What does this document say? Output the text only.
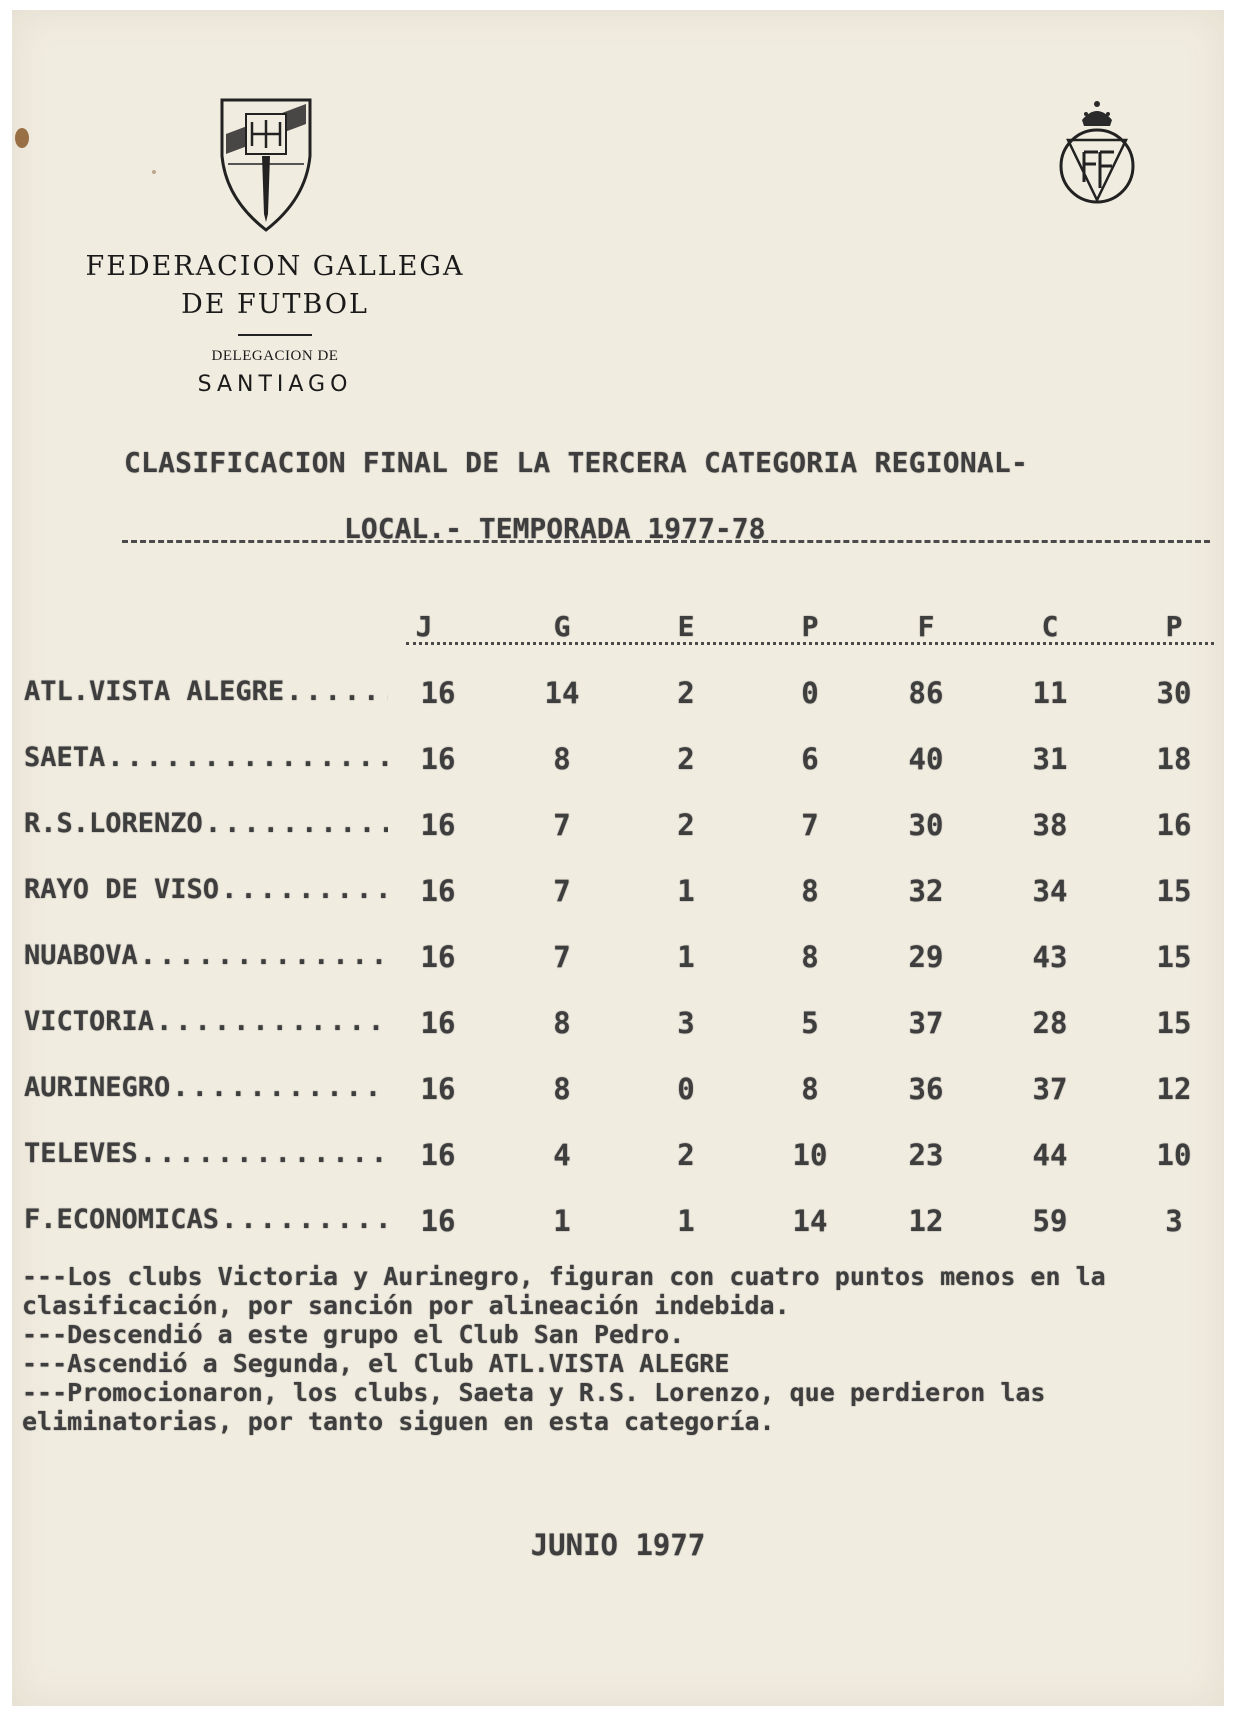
FEDERACION GALLEGA
DE FUTBOL
DELEGACION DE
SANTIAGO
CLASIFICACION FINAL DE LA TERCERA CATEGORIA REGIONAL-
LOCAL.- TEMPORADA 1977-78
J	G	E	P	F	C	P
ATL.VISTA ALEGRE .....	16	14	2	0	86	11	30
SAETA .....	16	8	2	6	40	31	18
R.S.LORENZO .....	16	7	2	7	30	38	16
RAYO DE VISO .....	16	7	1	8	32	34	15
NUABOVA .....	16	7	1	8	29	43	15
VICTORIA .....	16	8	3	5	37	28	15
AURINEGRO .....	16	8	0	8	36	37	12
TELEVES .....	16	4	2	10	23	44	10
F.ECONOMICAS .....	16	1	1	14	12	59	3

---Los clubs Victoria y Aurinegro, figuran con cuatro puntos menos en la clasificación, por sanción por alineación indebida.

---Descendió a este grupo el Club San Pedro.

---Ascendió a Segunda, el Club ATL.VISTA ALEGRE

---Promocionaron, los clubs, Saeta y R.S. Lorenzo, que perdieron las eliminatorias, por tanto siguen en esta categoría.

JUNIO 1977
